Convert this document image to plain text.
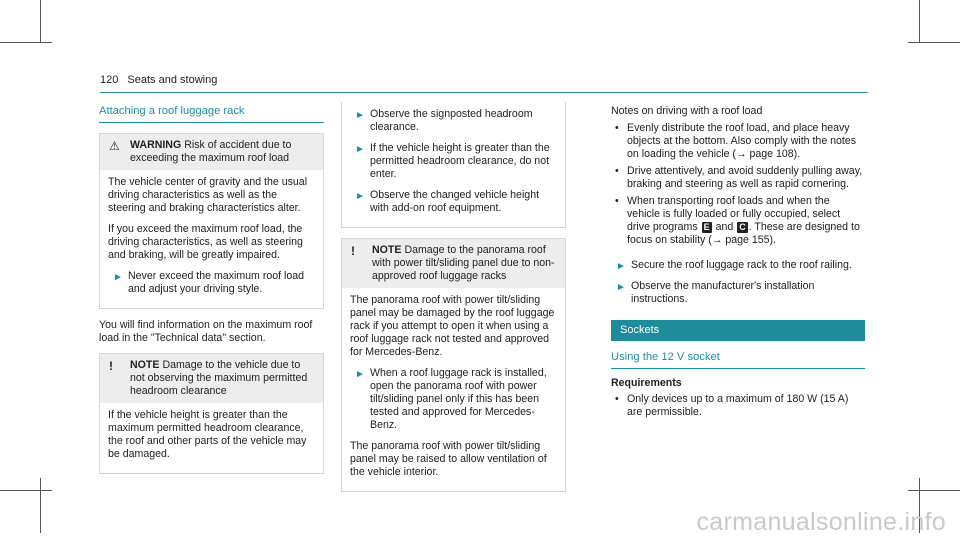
120 Seats and stowing
Attaching a roof luggage rack
⚠ WARNING Risk of accident due to exceeding the maximum roof load

The vehicle center of gravity and the usual driving characteristics as well as the steering and braking characteristics alter.

If you exceed the maximum roof load, the driving characteristics, as well as steering and braking, will be greatly impaired.

► Never exceed the maximum roof load and adjust your driving style.

You will find information on the maximum roof load in the "Technical data" section.

! NOTE Damage to the vehicle due to not observing the maximum permitted headroom clearance

If the vehicle height is greater than the maximum permitted headroom clearance, the roof and other parts of the vehicle may be damaged.

► Observe the signposted headroom clearance.
► If the vehicle height is greater than the permitted headroom clearance, do not enter.
► Observe the changed vehicle height with add-on roof equipment.
! NOTE Damage to the panorama roof with power tilt/sliding panel due to non-approved roof luggage racks

The panorama roof with power tilt/sliding panel may be damaged by the roof luggage rack if you attempt to open it when using a roof luggage rack not tested and approved for Mercedes-Benz.

► When a roof luggage rack is installed, open the panorama roof with power tilt/sliding panel only if this has been tested and approved for Mercedes-Benz.

The panorama roof with power tilt/sliding panel may be raised to allow ventilation of the vehicle interior.

Notes on driving with a roof load

• Evenly distribute the roof load, and place heavy objects at the bottom. Also comply with the notes on loading the vehicle (→ page 108).
• Drive attentively, and avoid suddenly pulling away, braking and steering as well as rapid cornering.
• When transporting roof loads and when the vehicle is fully loaded or fully occupied, select drive programs E and C . These are designed to focus on stability (→ page 155).
► Secure the roof luggage rack to the roof railing.
► Observe the manufacturer's installation instructions.
Sockets
Using the 12 V socket
Requirements
• Only devices up to a maximum of 180 W (15 A) are permissible.
carmanualsonline.info
